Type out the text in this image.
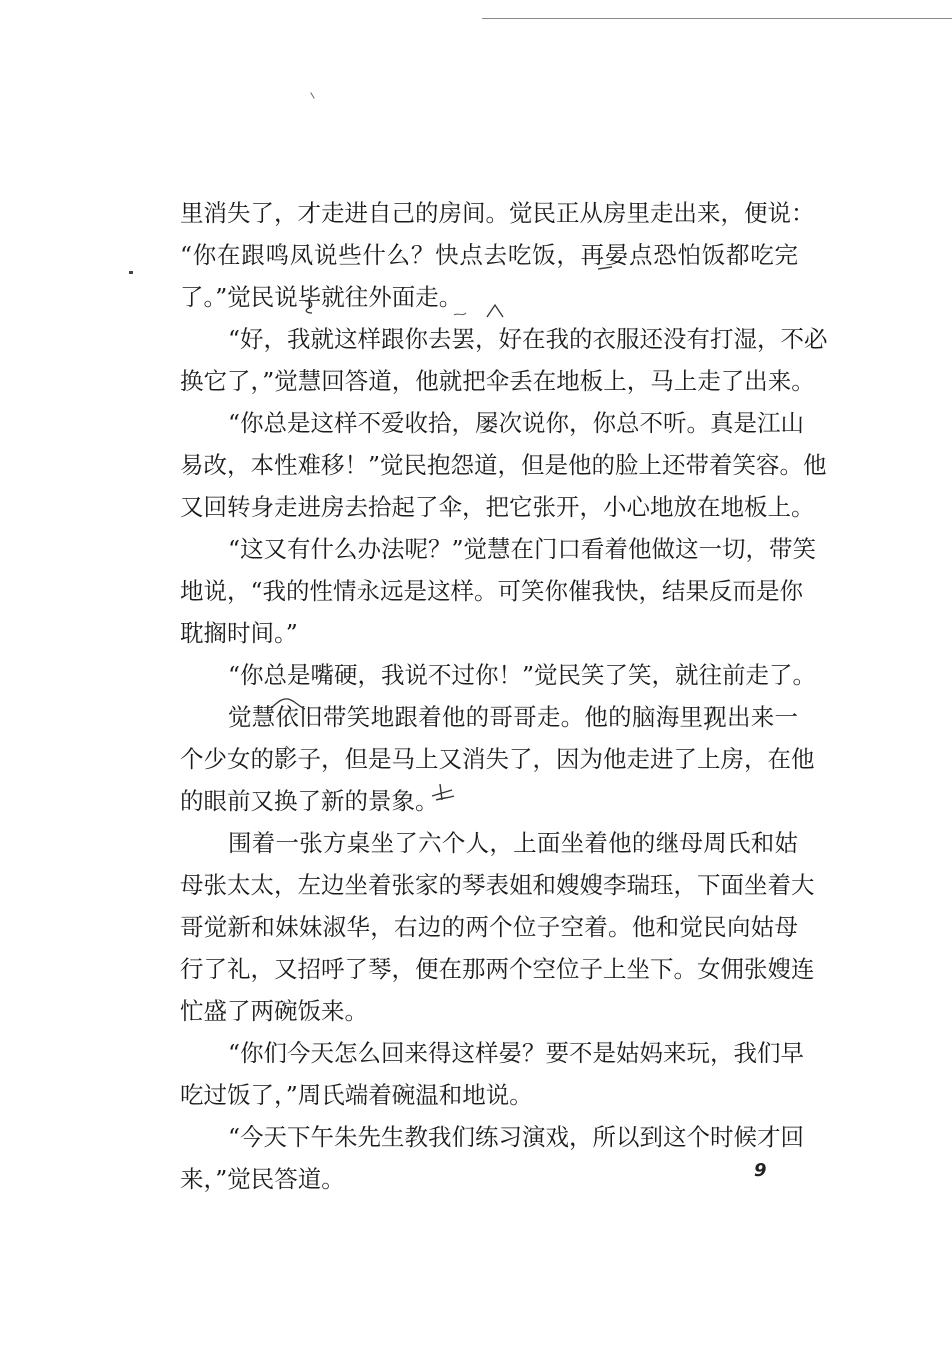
里消失了，才走进自己的房间。觉民正从房里走出来，便说：
“你在跟鸣凤说些什么？快点去吃饭，再晏点恐怕饭都吃完
了。”觉民说毕就往外面走。
“好，我就这样跟你去罢，好在我的衣服还没有打湿，不必
换它了，”觉慧回答道，他就把伞丢在地板上，马上走了出来。
“你总是这样不爱收拾，屡次说你，你总不听。真是江山
易改，本性难移！”觉民抱怨道，但是他的脸上还带着笑容。他
又回转身走进房去拾起了伞，把它张开，小心地放在地板上。
“这又有什么办法呢？”觉慧在门口看着他做这一切，带笑
地说，“我的性情永远是这样。可笑你催我快，结果反而是你
耽搁时间。”
“你总是嘴硬，我说不过你！”觉民笑了笑，就往前走了。
觉慧依旧带笑地跟着他的哥哥走。他的脑海里现出来一
个少女的影子，但是马上又消失了，因为他走进了上房，在他
的眼前又换了新的景象。
围着一张方桌坐了六个人，上面坐着他的继母周氏和姑
母张太太，左边坐着张家的琴表姐和嫂嫂李瑞珏，下面坐着大
哥觉新和妹妹淑华，右边的两个位子空着。他和觉民向姑母
行了礼，又招呼了琴，便在那两个空位子上坐下。女佣张嫂连
忙盛了两碗饭来。
“你们今天怎么回来得这样晏？要不是姑妈来玩，我们早
吃过饭了，”周氏端着碗温和地说。
“今天下午朱先生教我们练习演戏，所以到这个时候才回
来，”觉民答道。	9
